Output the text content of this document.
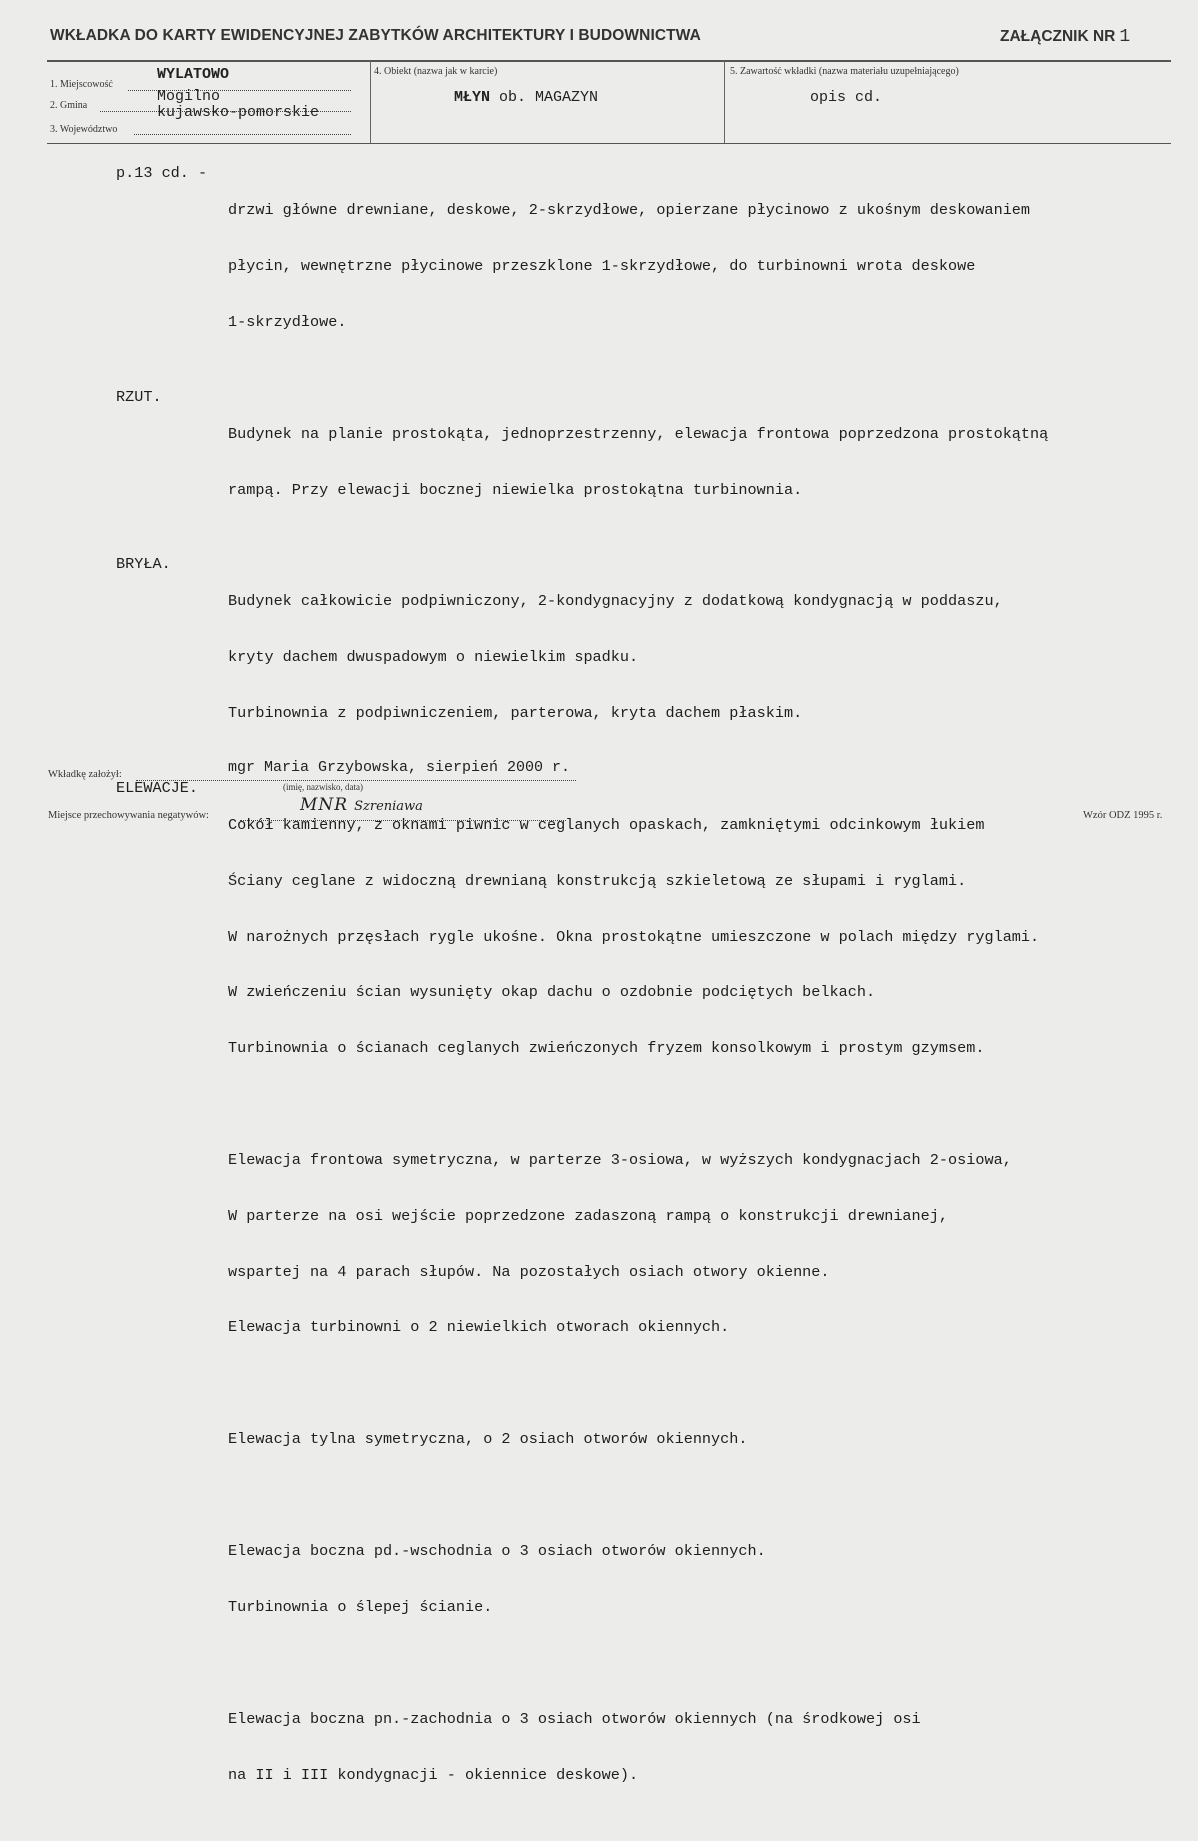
WKŁADKA DO KARTY EWIDENCYJNEJ ZABYTKÓW ARCHITEKTURY I BUDOWNICTWA	ZAŁĄCZNIK NR 1
1. Miejscowość
WYLATOWO
2. Gmina
Mogilno
3. Województwo
kujawsko-pomorskie
4. Obiekt (nazwa jak w karcie)
MŁYN ob. MAGAZYN
5. Zawartość wkładki (nazwa materiału uzupełniającego)
opis cd.
p.13 cd. -

drzwi główne drewniane, deskowe, 2-skrzydłowe, opierzane płycinowo z ukośnym deskowaniem

płycin, wewnętrzne płycinowe przeszklone 1-skrzydłowe, do turbinowni wrota deskowe

1-skrzydłowe.

RZUT.

Budynek na planie prostokąta, jednoprzestrzenny, elewacja frontowa poprzedzona prostokątną

rampą. Przy elewacji bocznej niewielka prostokątna turbinownia.

BRYŁA.

Budynek całkowicie podpiwniczony, 2-kondygnacyjny z dodatkową kondygnacją w poddaszu,

kryty dachem dwuspadowym o niewielkim spadku.

Turbinownia z podpiwniczeniem, parterowa, kryta dachem płaskim.

ELEWACJE.

Cokół kamienny, z oknami piwnic w ceglanych opaskach, zamkniętymi odcinkowym łukiem

Ściany ceglane z widoczną drewnianą konstrukcją szkieletową ze słupami i ryglami.

W narożnych przęsłach rygle ukośne. Okna prostokątne umieszczone w polach między ryglami.

W zwieńczeniu ścian wysunięty okap dachu o ozdobnie podciętych belkach.

Turbinownia o ścianach ceglanych zwieńczonych fryzem konsolkowym i prostym gzymsem.

Elewacja frontowa symetryczna, w parterze 3-osiowa, w wyższych kondygnacjach 2-osiowa,

W parterze na osi wejście poprzedzone zadaszoną rampą o konstrukcji drewnianej,

wspartej na 4 parach słupów. Na pozostałych osiach otwory okienne.

Elewacja turbinowni o 2 niewielkich otworach okiennych.

Elewacja tylna symetryczna, o 2 osiach otworów okiennych.

Elewacja boczna pd.-wschodnia o 3 osiach otworów okiennych.

Turbinownia o ślepej ścianie.

Elewacja boczna pn.-zachodnia o 3 osiach otworów okiennych (na środkowej osi

na II i III kondygnacji - okiennice deskowe).

Wkładkę założył:	mgr Maria Grzybowska, sierpień 2000 r.
(imię, nazwisko, data)
Miejsce przechowywania negatywów:
MNR Szreniawa
Wzór ODZ 1995 r.
